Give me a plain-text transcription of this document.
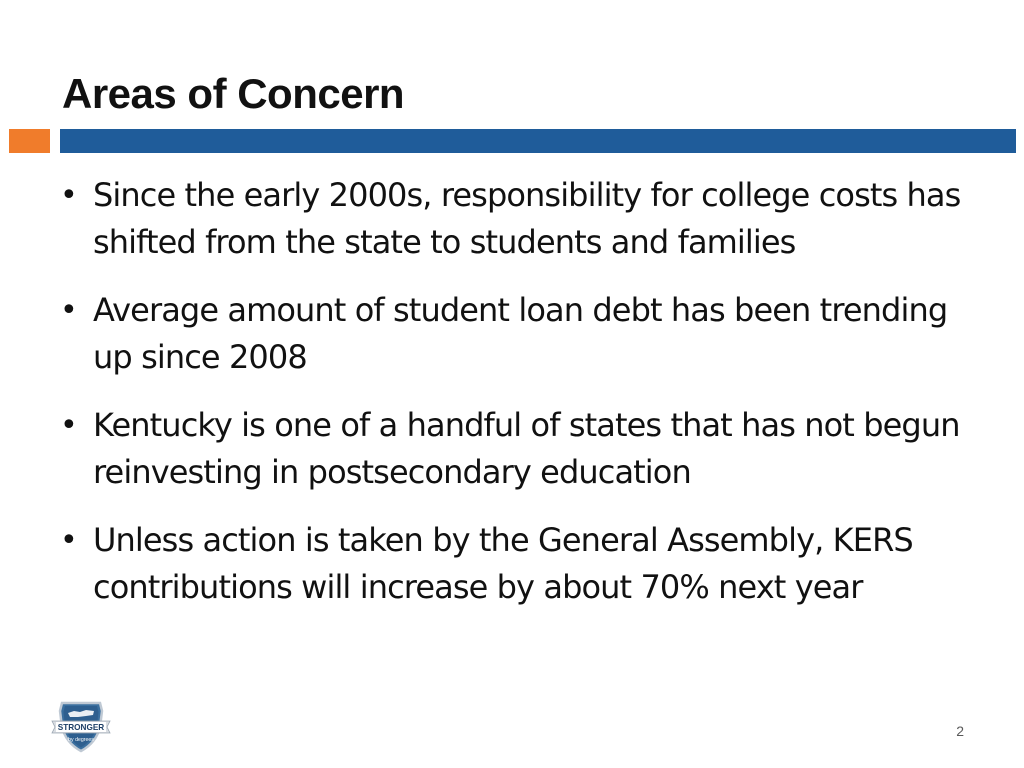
Areas of Concern
• Since the early 2000s, responsibility for college costs has shifted from the state to students and families
• Average amount of student loan debt has been trending up since 2008
• Kentucky is one of a handful of states that has not begun reinvesting in postsecondary education
• Unless action is taken by the General Assembly, KERS contributions will increase by about 70% next year
STRONGER
by degrees
2
